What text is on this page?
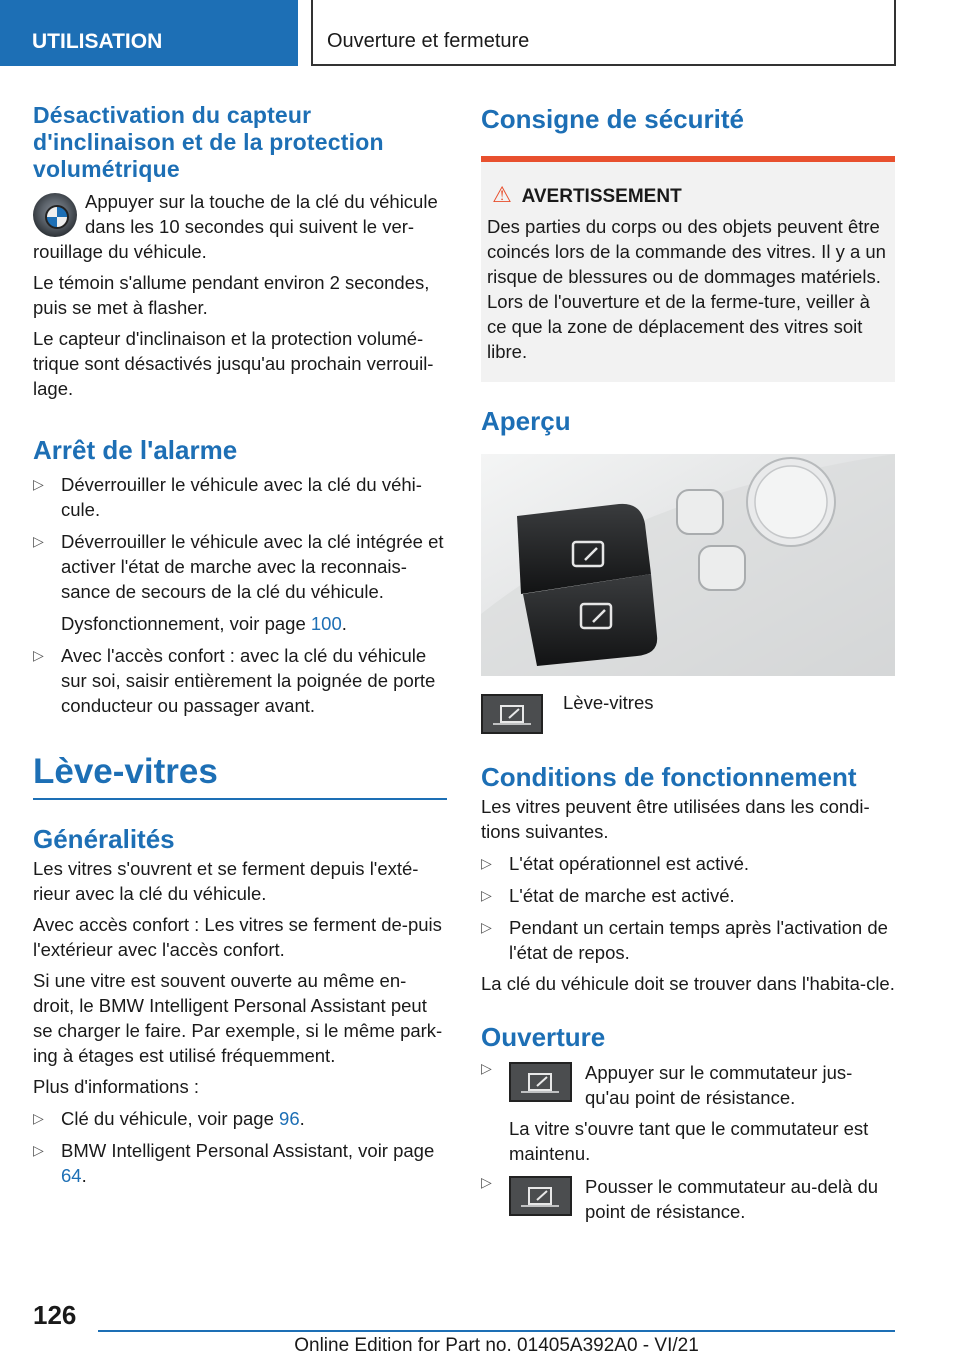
UTILISATION	Ouverture et fermeture
Désactivation du capteur d'inclinaison et de la protection volumétrique

Appuyer sur la touche de la clé du véhicule dans les 10 secondes qui suivent le ver-rouillage du véhicule.

Le témoin s'allume pendant environ 2 secondes, puis se met à flasher.

Le capteur d'inclinaison et la protection volumé-trique sont désactivés jusqu'au prochain verrouil-lage.

Arrêt de l'alarme
▷ Déverrouiller le véhicule avec la clé du véhi-cule.
▷ Déverrouiller le véhicule avec la clé intégrée et activer l'état de marche avec la reconnais-sance de secours de la clé du véhicule.
Dysfonctionnement, voir page 100.
▷ Avec l'accès confort : avec la clé du véhicule sur soi, saisir entièrement la poignée de porte conducteur ou passager avant.
Lève-vitres
Généralités

Les vitres s'ouvrent et se ferment depuis l'exté-rieur avec la clé du véhicule.

Avec accès confort : Les vitres se ferment de-puis l'extérieur avec l'accès confort.

Si une vitre est souvent ouverte au même en-droit, le BMW Intelligent Personal Assistant peut se charger le faire. Par exemple, si le même park-ing à étages est utilisé fréquemment.

Plus d'informations :

▷ Clé du véhicule, voir page 96.
▷ BMW Intelligent Personal Assistant, voir page 64.
Consigne de sécurité
⚠ AVERTISSEMENT

Des parties du corps ou des objets peuvent être coincés lors de la commande des vitres. Il y a un risque de blessures ou de dommages matériels. Lors de l'ouverture et de la ferme-ture, veiller à ce que la zone de déplacement des vitres soit libre.

Aperçu
Lève-vitres
Conditions de fonctionnement

Les vitres peuvent être utilisées dans les condi-tions suivantes.

▷ L'état opérationnel est activé.
▷ L'état de marche est activé.
▷ Pendant un certain temps après l'activation de l'état de repos.

La clé du véhicule doit se trouver dans l'habita-cle.

Ouverture
▷	Appuyer sur le commutateur jus-qu'au point de résistance.

La vitre s'ouvre tant que le commutateur est maintenu.

▷	Pousser le commutateur au-delà du point de résistance.
126
Online Edition for Part no. 01405A392A0 - VI/21
